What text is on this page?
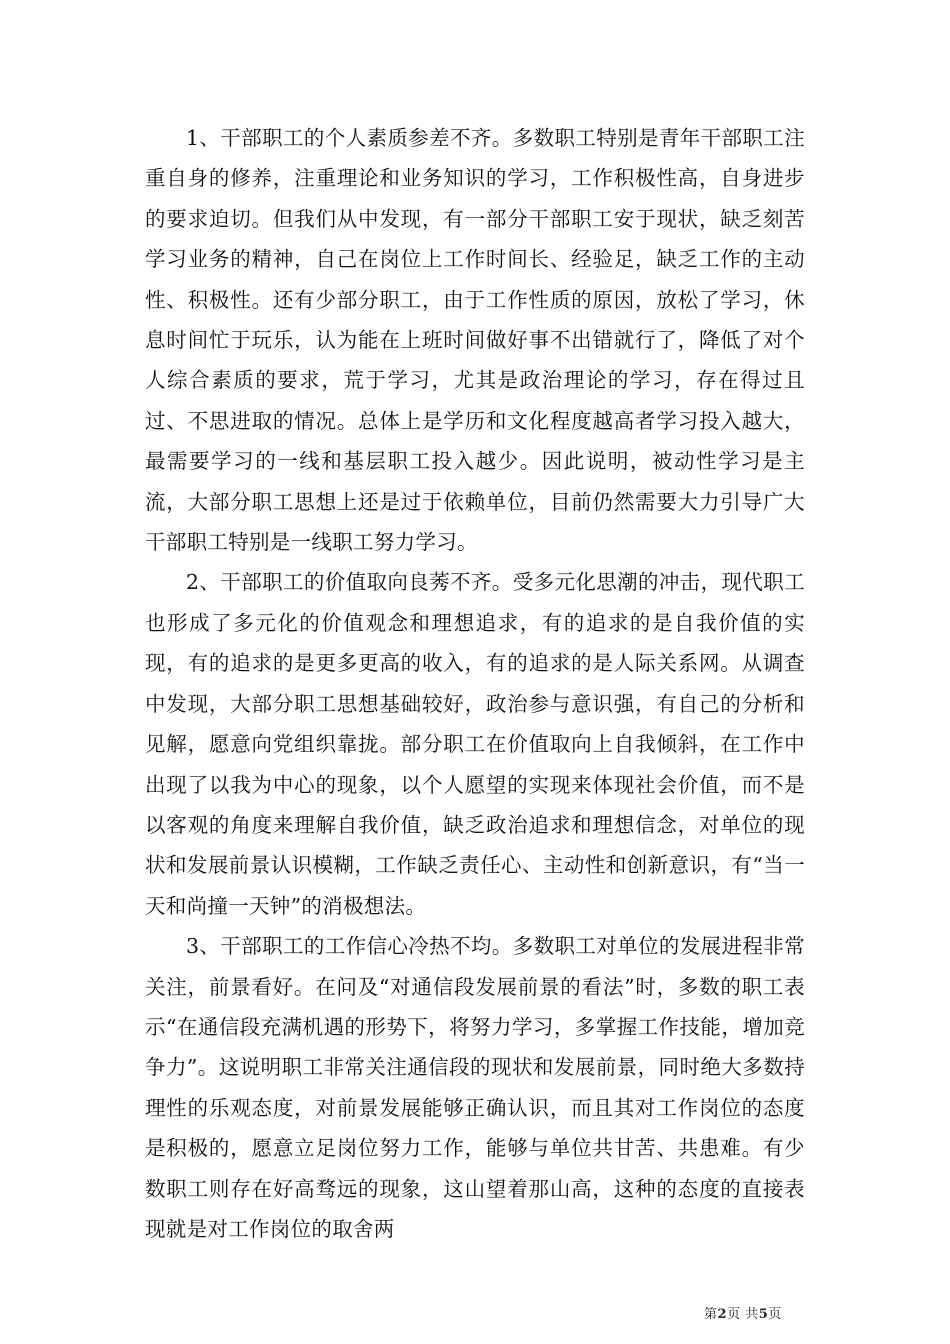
1、干部职工的个人素质参差不齐。多数职工特别是青年干部职工注重自身的修养，注重理论和业务知识的学习，工作积极性高，自身进步的要求迫切。但我们从中发现，有一部分干部职工安于现状，缺乏刻苦学习业务的精神，自己在岗位上工作时间长、经验足，缺乏工作的主动性、积极性。还有少部分职工，由于工作性质的原因，放松了学习，休息时间忙于玩乐，认为能在上班时间做好事不出错就行了，降低了对个人综合素质的要求，荒于学习，尤其是政治理论的学习，存在得过且过、不思进取的情况。总体上是学历和文化程度越高者学习投入越大，最需要学习的一线和基层职工投入越少。因此说明，被动性学习是主流，大部分职工思想上还是过于依赖单位，目前仍然需要大力引导广大干部职工特别是一线职工努力学习。

2、干部职工的价值取向良莠不齐。受多元化思潮的冲击，现代职工也形成了多元化的价值观念和理想追求，有的追求的是自我价值的实现，有的追求的是更多更高的收入，有的追求的是人际关系网。从调查中发现，大部分职工思想基础较好，政治参与意识强，有自己的分析和见解，愿意向党组织靠拢。部分职工在价值取向上自我倾斜，在工作中出现了以我为中心的现象，以个人愿望的实现来体现社会价值，而不是以客观的角度来理解自我价值，缺乏政治追求和理想信念，对单位的现状和发展前景认识模糊，工作缺乏责任心、主动性和创新意识，有“当一天和尚撞一天钟”的消极想法。

3、干部职工的工作信心冷热不均。多数职工对单位的发展进程非常关注，前景看好。在问及“对通信段发展前景的看法”时，多数的职工表示“在通信段充满机遇的形势下，将努力学习，多掌握工作技能，增加竞争力”。这说明职工非常关注通信段的现状和发展前景，同时绝大多数持理性的乐观态度，对前景发展能够正确认识，而且其对工作岗位的态度是积极的，愿意立足岗位努力工作，能够与单位共甘苦、共患难。有少数职工则存在好高骛远的现象，这山望着那山高，这种的态度的直接表现就是对工作岗位的取舍两

第2页 共5页
